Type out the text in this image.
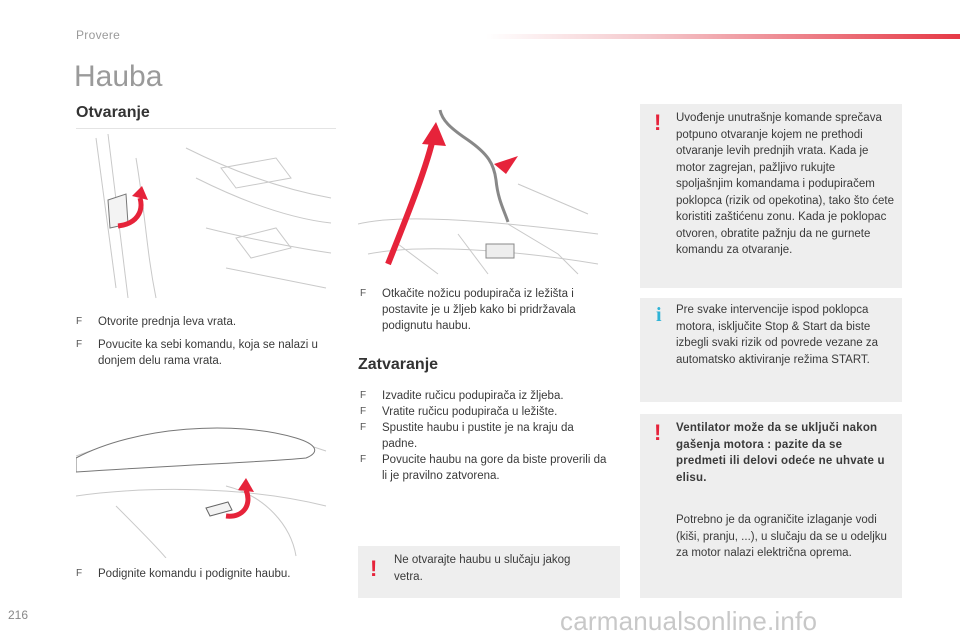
Provere
Hauba
Otvaranje
F Otvorite prednja leva vrata.
F Povucite ka sebi komandu, koja se nalazi u donjem delu rama vrata.
F Podignite komandu i podignite haubu.
F Otkačite nožicu podupirača iz ležišta i postavite je u žljeb kako bi pridržavala podignutu haubu.
Zatvaranje
F Izvadite ručicu podupirača iz žljeba.
F Vratite ručicu podupirača u ležište.
F Spustite haubu i pustite je na kraju da padne.
F Povucite haubu na gore da biste proverili da li je pravilno zatvorena.
! Ne otvarajte haubu u slučaju jakog vetra.
! Uvođenje unutrašnje komande sprečava potpuno otvaranje kojem ne prethodi otvaranje levih prednjih vrata. Kada je motor zagrejan, pažljivo rukujte spoljašnjim komandama i podupiračem poklopca (rizik od opekotina), tako što ćete koristiti zaštićenu zonu. Kada je poklopac otvoren, obratite pažnju da ne gurnete komandu za otvaranje.
i Pre svake intervencije ispod poklopca motora, isključite Stop & Start da biste izbegli svaki rizik od povrede vezane za automatsko aktiviranje režima START.
! Ventilator može da se uključi nakon gašenja motora : pazite da se predmeti ili delovi odeće ne uhvate u elisu.
Potrebno je da ograničite izlaganje vodi (kiši, pranju, ...), u slučaju da se u odeljku za motor nalazi električna oprema.
216	carmanualsonline.info
